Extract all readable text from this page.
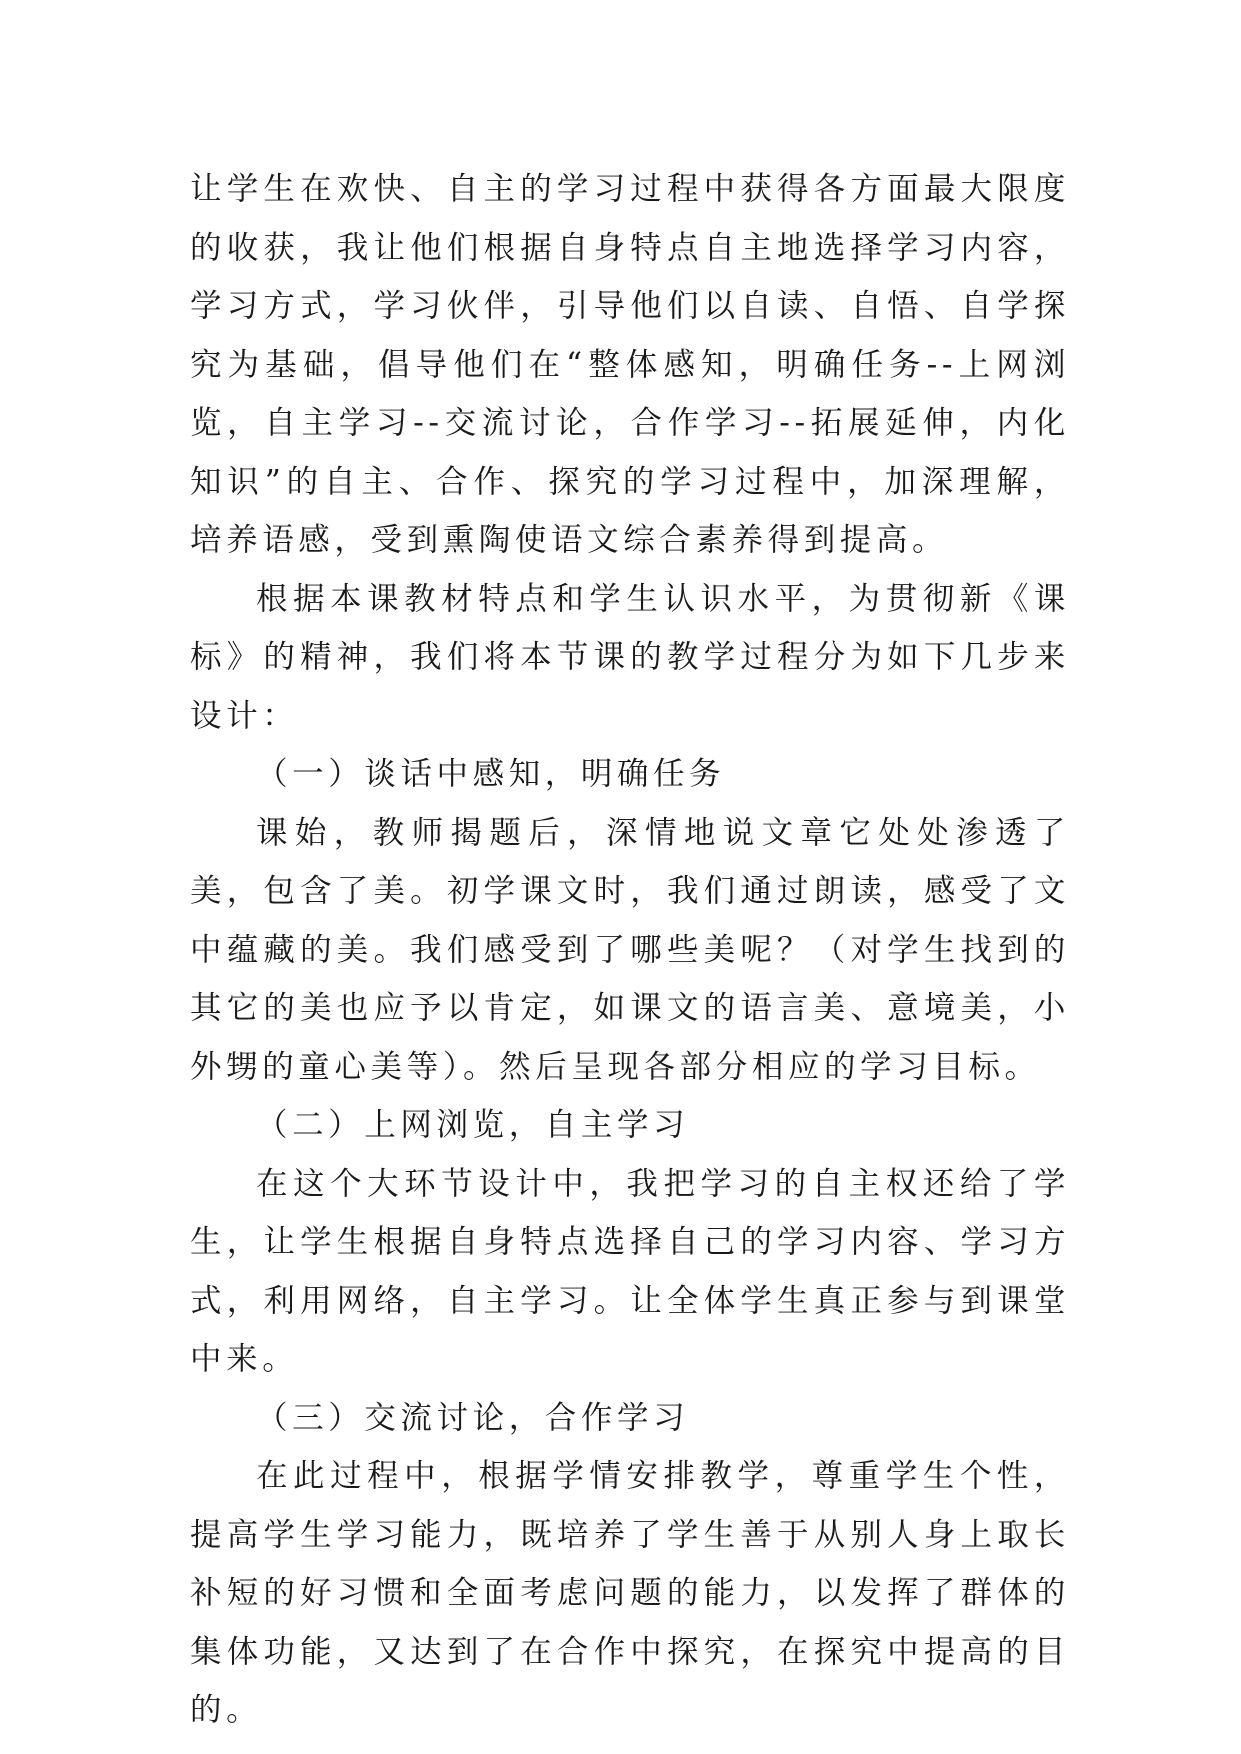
让学生在欢快、自主的学习过程中获得各方面最大限度的收获，我让他们根据自身特点自主地选择学习内容，学习方式，学习伙伴，引导他们以自读、自悟、自学探究为基础，倡导他们在“整体感知，明确任务--上网浏览，自主学习--交流讨论，合作学习--拓展延伸，内化知识”的自主、合作、探究的学习过程中，加深理解，培养语感，受到熏陶使语文综合素养得到提高。

根据本课教材特点和学生认识水平，为贯彻新《课标》的精神，我们将本节课的教学过程分为如下几步来设计：

（一）谈话中感知，明确任务

课始，教师揭题后，深情地说文章它处处渗透了美，包含了美。初学课文时，我们通过朗读，感受了文中蕴藏的美。我们感受到了哪些美呢？（对学生找到的其它的美也应予以肯定，如课文的语言美、意境美，小外甥的童心美等）。然后呈现各部分相应的学习目标。

（二）上网浏览，自主学习

在这个大环节设计中，我把学习的自主权还给了学生，让学生根据自身特点选择自己的学习内容、学习方式，利用网络，自主学习。让全体学生真正参与到课堂中来。

（三）交流讨论，合作学习

在此过程中，根据学情安排教学，尊重学生个性，提高学生学习能力，既培养了学生善于从别人身上取长补短的好习惯和全面考虑问题的能力，以发挥了群体的集体功能，又达到了在合作中探究，在探究中提高的目的。
